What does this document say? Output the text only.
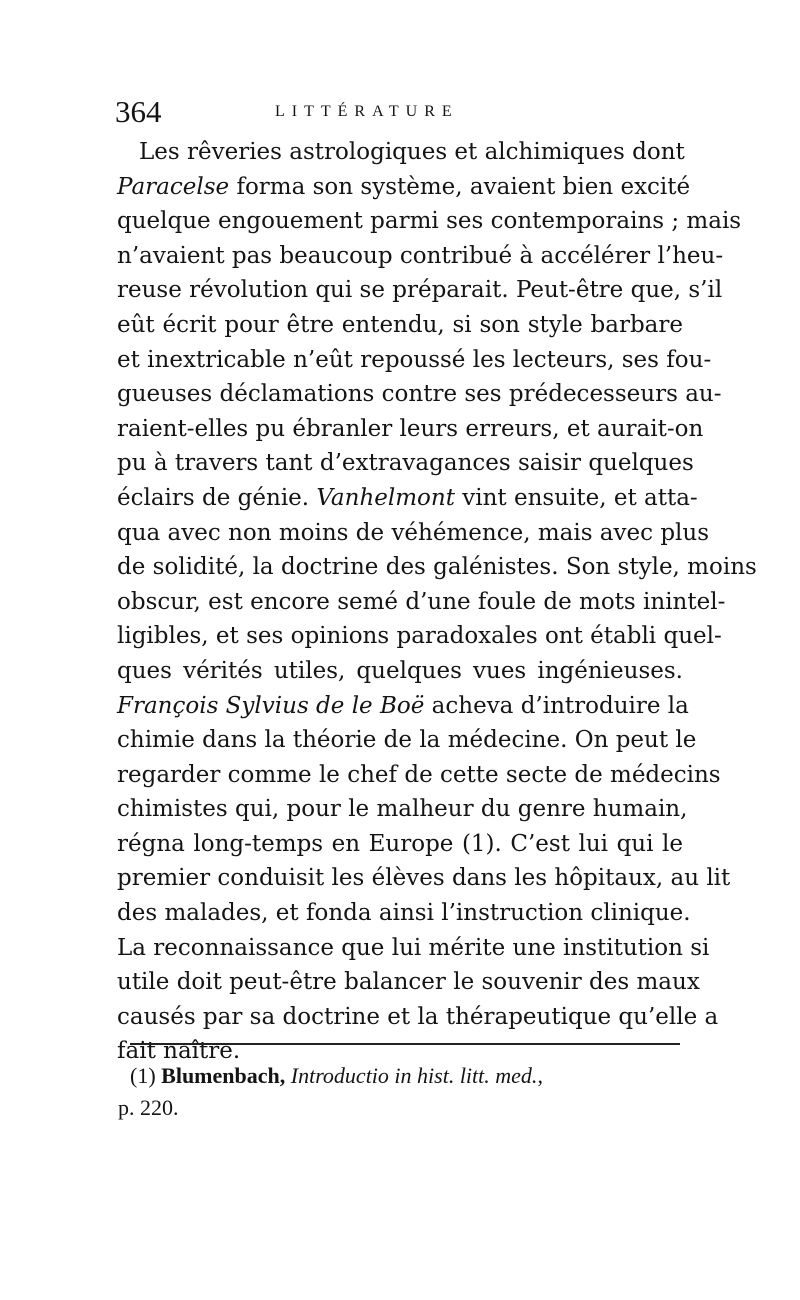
364	LITTÉRATURE
Les rêveries astrologiques et alchimiques dont
Paracelse forma son système, avaient bien excité
quelque engouement parmi ses contemporains ; mais
n’avaient pas beaucoup contribué à accélérer l’heu-
reuse révolution qui se préparait. Peut-être que, s’il
eût écrit pour être entendu, si son style barbare
et inextricable n’eût repoussé les lecteurs, ses fou-
gueuses déclamations contre ses prédecesseurs au-
raient-elles pu ébranler leurs erreurs, et aurait-on
pu à travers tant d’extravagances saisir quelques
éclairs de génie. Vanhelmont vint ensuite, et atta-
qua avec non moins de véhémence, mais avec plus
de solidité, la doctrine des galénistes. Son style, moins
obscur, est encore semé d’une foule de mots inintel-
ligibles, et ses opinions paradoxales ont établi quel-
ques vérités utiles, quelques vues ingénieuses.
François Sylvius de le Boë acheva d’introduire la
chimie dans la théorie de la médecine. On peut le
regarder comme le chef de cette secte de médecins
chimistes qui, pour le malheur du genre humain,
régna long-temps en Europe (1). C’est lui qui le
premier conduisit les élèves dans les hôpitaux, au lit
des malades, et fonda ainsi l’instruction clinique.
La reconnaissance que lui mérite une institution si
utile doit peut-être balancer le souvenir des maux
causés par sa doctrine et la thérapeutique qu’elle a
fait naître.
(1) Blumenbach, Introductio in hist. litt. med.,
p. 220.
